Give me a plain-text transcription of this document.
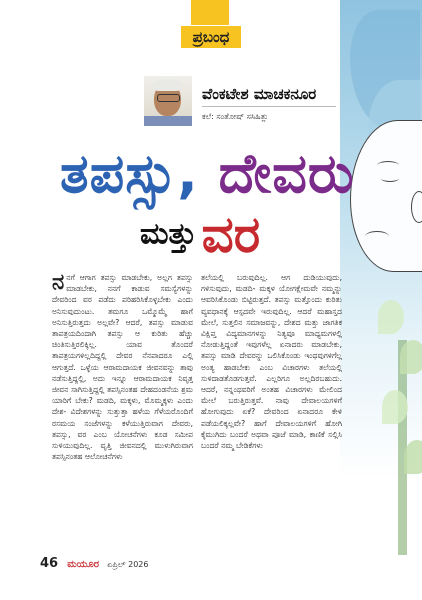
ಪ್ರಬಂಧ
ವೆಂಕಟೇಶ ಮಾಚಕನೂರ
ಕಲೆ: ಸಂತೋಷ್ ಸಸಿಹಿತ್ಲು
ತಪಸ್ಸು, ದೇವರು
ಮತ್ತು ವರ
ನ ನಗೆ ಆಗಾಗ ತಪಸ್ಸು ಮಾಡಬೇಕು, ಅಲ್ಲಗ ತಪಸ್ಸು ಮಾಡಬೇಕು, ನನಗೆ ಕಾಡುವ ಸಮಸ್ಯೆಗಳನ್ನು ದೇವರಿಂದ ವರ ಪಡೆದು ಪರಿಹರಿಸಿಕೊಳ್ಳಬೇಕು ಎಂದು ಅನಿಸುವುದುಂಟು. ತಮಗೂ ಒಮ್ಮೊಮ್ಮೆ ಹಾಗೆ ಅನಿಸುತ್ತಿರುತ್ತದು ಅಲ್ಲವೇ? ಆದರೆ, ತಪಸ್ಸು ಮಾಡುವ ತಾಪತ್ರಯದಿಂದಾಗಿ ತಪಸ್ಸು ಆ ಕುರಿತು ಹೆಚ್ಚು ಚಿಂತಿಸುತ್ತಿರಲಿಕ್ಕಿಲ್ಲ. ಯಾವ ತೊಂದರೆ ತಾಪತ್ರಯಗಳಿಲ್ಲದಿದ್ದಲ್ಲಿ ದೇವರ ನೆನಪಾದರೂ ಎಲ್ಲಿ ಆಗುತ್ತದೆ. ಒಳ್ಳೆಯ ಆರಾಮದಾಯಕ ಜೀವನವನ್ನು ತಾವು ನಡೆಸುತ್ತಿದ್ದಲ್ಲಿ, ಅದು ಇನ್ನೂ ಆರಾಮದಾಯಕ ನಿವೃತ್ತ ಜೀವನ ಸಾಗಿಸುತ್ತಿದ್ದಲ್ಲಿ ತಪಸ್ಸಿನಂತಹ ದೇಹದಂಡನೆಯ ಶ್ರಮ ಯಾರಿಗೆ ಬೇಕು? ಮಡದಿ, ಮಕ್ಕಳು, ಮೊಮ್ಮಕ್ಕಳು ಎಂದು ದೇಶ- ವಿದೇಶಗಳನ್ನು ಸುತ್ತುತ್ತಾ ಹಳೆಯ ಗೆಳೆಯರೊಂದಿಗೆ ರಸಮಯ ಸಂಜೆಗಳನ್ನು ಕಳೆಯುತ್ತಿರುವಾಗ ದೇವರು, ತಪಸ್ಸು, ವರ ಎಂಬ ಯೋಚನೆಗಳು ಕೂಡ ಸಮೀಪ ಸುಳಿಯುವುದಿಲ್ಲ. ವೃತ್ತಿ ಜೀವನದಲ್ಲಿ ಮುಳುಗಿರುವಾಗ ತಪಸ್ಸಿನಂತಹ ಆಲೋಚನೆಗಳು

ತಲೆಯಲ್ಲಿ ಬರುವುದಿಲ್ಲ. ಆಗ ದುಡಿಯುವುದು, ಗಳಿಸುವುದು, ಮಡದಿ- ಮಕ್ಕಳ ಯೋಗಕ್ಷೇಮವೇ ನಮ್ಮನ್ನು ಆವರಿಸಿಕೊಂಡು ಬಿಟ್ಟಿರುತ್ತದೆ. ತಪಸ್ಸು ಮತ್ತೊಂದು ಕುರಿತು ವ್ಯವಧಾನಕ್ಕೆ ಆಸ್ಪದವೇ ಇರುವುದಿಲ್ಲ. ಆದರೆ ಮಹಾಸ್ತದ ಮೇಲೆ, ಸುತ್ತಲಿನ ಸಮಾಜವನ್ನು, ದೇಶದ ಮತ್ತು ಜಾಗತಿಕ ವಿಕ್ಷಿಪ್ತ ವಿದ್ಯಮಾನಗಳನ್ನು ನಿತ್ಯವೂ ಮಾಧ್ಯಮಗಳಲ್ಲಿ ನೋಡುತ್ತಿದ್ದಂತೆ ಇವುಗಳೆಲ್ಲ ಏನಾದರು ಮಾಡಬೇಕು, ತಪಸ್ಸು ಮಾಡಿ ದೇವರನ್ನು ಒಲಿಸಿಕೊಂಡು ಇಂಥವುಗಳಿಗೆಲ್ಲ ಅಂತ್ಯ ಹಾಡಬೇಕು ಎಂಬ ವಿಚಾರಗಳು ತಲೆಯಲ್ಲಿ ಸುಳಿದಾಡತೊಡಗುತ್ತವೆ. ಎಲ್ಲರಿಗೂ ಅಲ್ಲದಿರಬಹುದು. ಆದರೆ, ನನ್ನಂಥವರಿಗೆ ಅಂತಹ ವಿಚಾರಗಳು ಮೇಲಿಂದ ಮೇಲೆ ಬರುತ್ತಿರುತ್ತವೆ. ನಾವು ದೇವಾಲಯಗಳಿಗೆ ಹೋಗುವುದು ಏಕೆ? ದೇವರಿಂದ ಏನಾದರೂ ಕೇಳಿ ಪಡೆಯಲಿಕ್ಕಲ್ಲವೇ? ಹಾಗೆ ದೇವಾಲಯಗಳಿಗೆ ಹೋಗಿ ಕೈಮುಗಿದು ಬಂದರೆ ಅಥವಾ ಪೂಜೆ ಮಾಡಿ, ಕಾಣಿಕೆ ಸಲ್ಲಿಸಿ ಬಂದರೆ ನಮ್ಮ ಬೇಡಿಕೆಗಳು

46 ಮಯೂರ ಏಪ್ರಿಲ್ 2026
